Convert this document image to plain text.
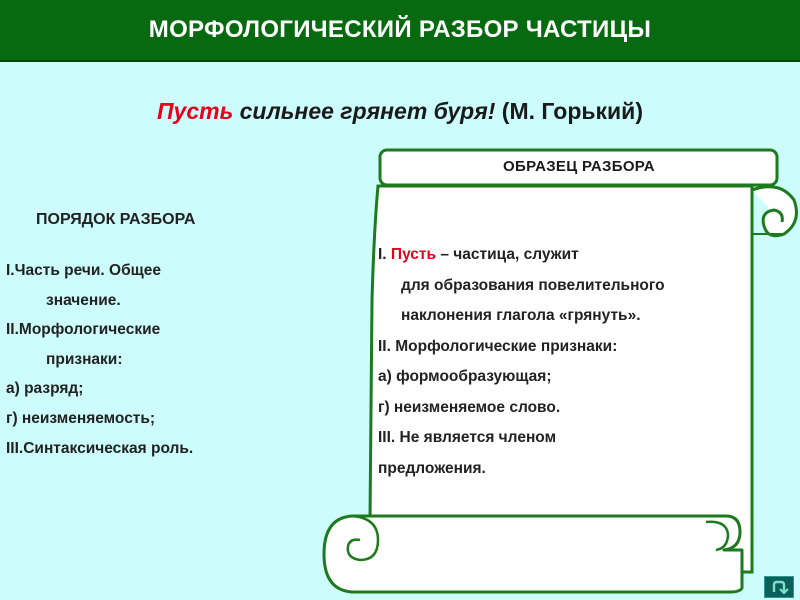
МОРФОЛОГИЧЕСКИЙ РАЗБОР ЧАСТИЦЫ
Пусть сильнее грянет буря! (М. Горький)
ПОРЯДОК РАЗБОРА
I.Часть речи. Общее
значение.
II.Морфологические
признаки:
а) разряд;
г) неизменяемость;
III.Синтаксическая роль.
ОБРАЗЕЦ РАЗБОРА
I. Пусть – частица, служит
для образования повелительного
наклонения глагола «грянуть».
II. Морфологические признаки:
а) формообразующая;
г) неизменяемое слово.
III. Не является членом
предложения.
